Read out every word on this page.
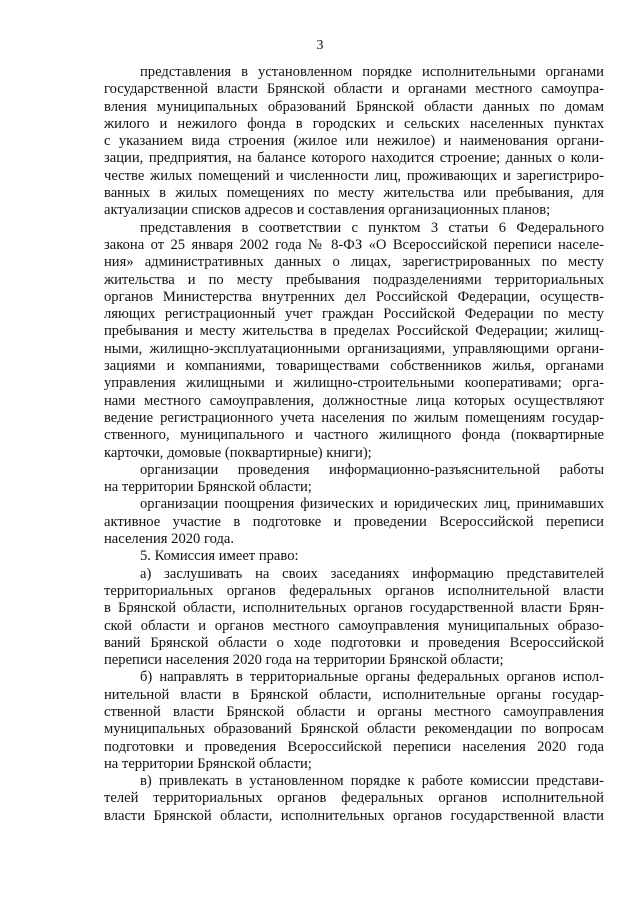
3
представления в установленном порядке исполнительными органами
государственной власти Брянской области и органами местного самоупра-
вления муниципальных образований Брянской области данных по домам
жилого и нежилого фонда в городских и сельских населенных пунктах
с указанием вида строения (жилое или нежилое) и наименования органи-
зации, предприятия, на балансе которого находится строение; данных о коли-
честве жилых помещений и численности лиц, проживающих и зарегистриро-
ванных в жилых помещениях по месту жительства или пребывания, для
актуализации списков адресов и составления организационных планов;
представления в соответствии с пунктом 3 статьи 6 Федерального
закона от 25 января 2002 года № 8-ФЗ «О Всероссийской переписи населе-
ния» административных данных о лицах, зарегистрированных по месту
жительства и по месту пребывания подразделениями территориальных
органов Министерства внутренних дел Российской Федерации, осуществ-
ляющих регистрационный учет граждан Российской Федерации по месту
пребывания и месту жительства в пределах Российской Федерации; жилищ-
ными, жилищно-эксплуатационными организациями, управляющими органи-
зациями и компаниями, товариществами собственников жилья, органами
управления жилищными и жилищно-строительными кооперативами; орга-
нами местного самоуправления, должностные лица которых осуществляют
ведение регистрационного учета населения по жилым помещениям государ-
ственного, муниципального и частного жилищного фонда (поквартирные
карточки, домовые (поквартирные) книги);
организации проведения информационно-разъяснительной работы
на территории Брянской области;
организации поощрения физических и юридических лиц, принимавших
активное участие в подготовке и проведении Всероссийской переписи
населения 2020 года.
5. Комиссия имеет право:
а) заслушивать на своих заседаниях информацию представителей
территориальных органов федеральных органов исполнительной власти
в Брянской области, исполнительных органов государственной власти Брян-
ской области и органов местного самоуправления муниципальных образо-
ваний Брянской области о ходе подготовки и проведения Всероссийской
переписи населения 2020 года на территории Брянской области;
б) направлять в территориальные органы федеральных органов испол-
нительной власти в Брянской области, исполнительные органы государ-
ственной власти Брянской области и органы местного самоуправления
муниципальных образований Брянской области рекомендации по вопросам
подготовки и проведения Всероссийской переписи населения 2020 года
на территории Брянской области;
в) привлекать в установленном порядке к работе комиссии представи-
телей территориальных органов федеральных органов исполнительной
власти Брянской области, исполнительных органов государственной власти
